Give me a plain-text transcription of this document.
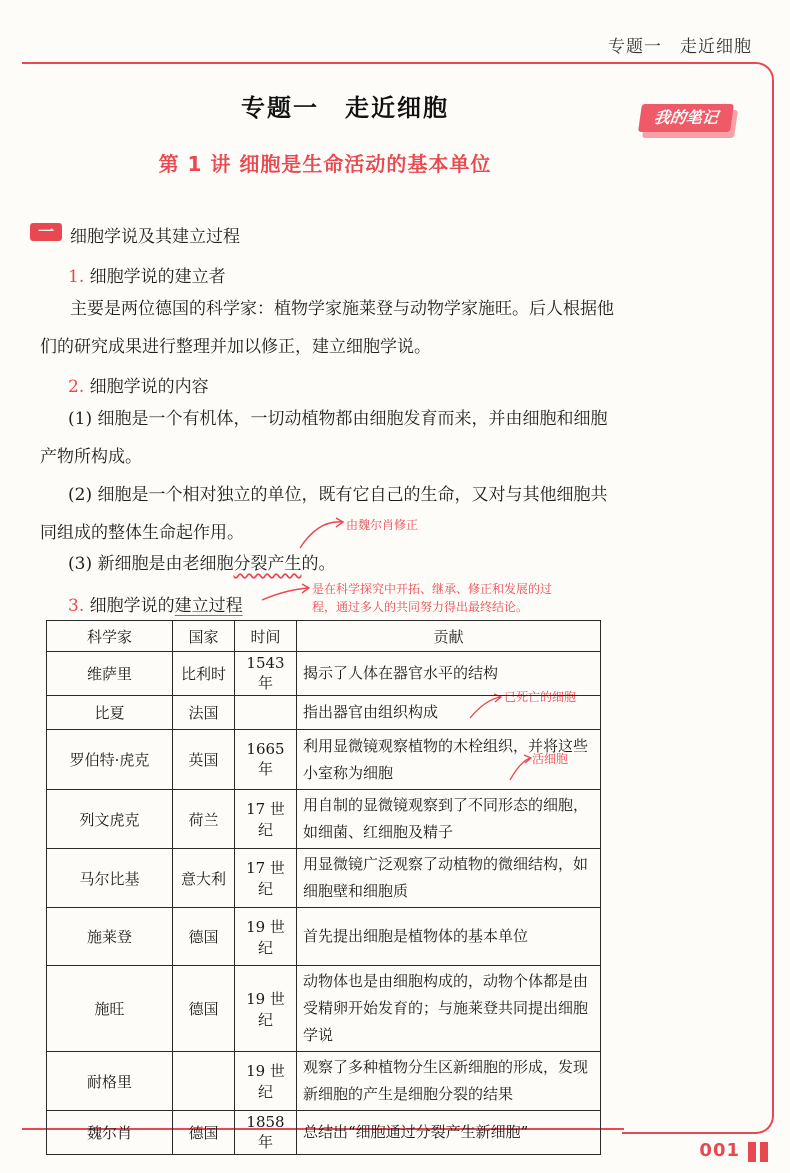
专题一　走近细胞
我的笔记
专题一　走近细胞
第 1 讲 细胞是生命活动的基本单位
一 细胞学说及其建立过程
1. 细胞学说的建立者
主要是两位德国的科学家：植物学家施莱登与动物学家施旺。后人根据他们的研究成果进行整理并加以修正，建立细胞学说。
2. 细胞学说的内容
(1) 细胞是一个有机体，一切动植物都由细胞发育而来，并由细胞和细胞产物所构成。
(2) 细胞是一个相对独立的单位，既有它自己的生命，又对与其他细胞共同组成的整体生命起作用。
(3) 新细胞是由老细胞分裂产生的。
3. 细胞学说的建立过程
由魏尔肖修正
是在科学探究中开拓、继承、修正和发展的过
程，通过多人的共同努力得出最终结论。
已死亡的细胞
活细胞
科学家	国家	时间	贡献
维萨里	比利时	1543 年	揭示了人体在器官水平的结构
比夏	法国		指出器官由组织构成
罗伯特·虎克	英国	1665 年	利用显微镜观察植物的木栓组织，并将这些小室称为细胞
列文虎克	荷兰	17 世纪	用自制的显微镜观察到了不同形态的细胞，如细菌、红细胞及精子
马尔比基	意大利	17 世纪	用显微镜广泛观察了动植物的微细结构，如细胞壁和细胞质
施莱登	德国	19 世纪	首先提出细胞是植物体的基本单位
施旺	德国	19 世纪	动物体也是由细胞构成的，动物个体都是由受精卵开始发育的；与施莱登共同提出细胞学说
耐格里		19 世纪	观察了多种植物分生区新细胞的形成，发现新细胞的产生是细胞分裂的结果
魏尔肖	德国	1858 年	总结出“细胞通过分裂产生新细胞”
001
